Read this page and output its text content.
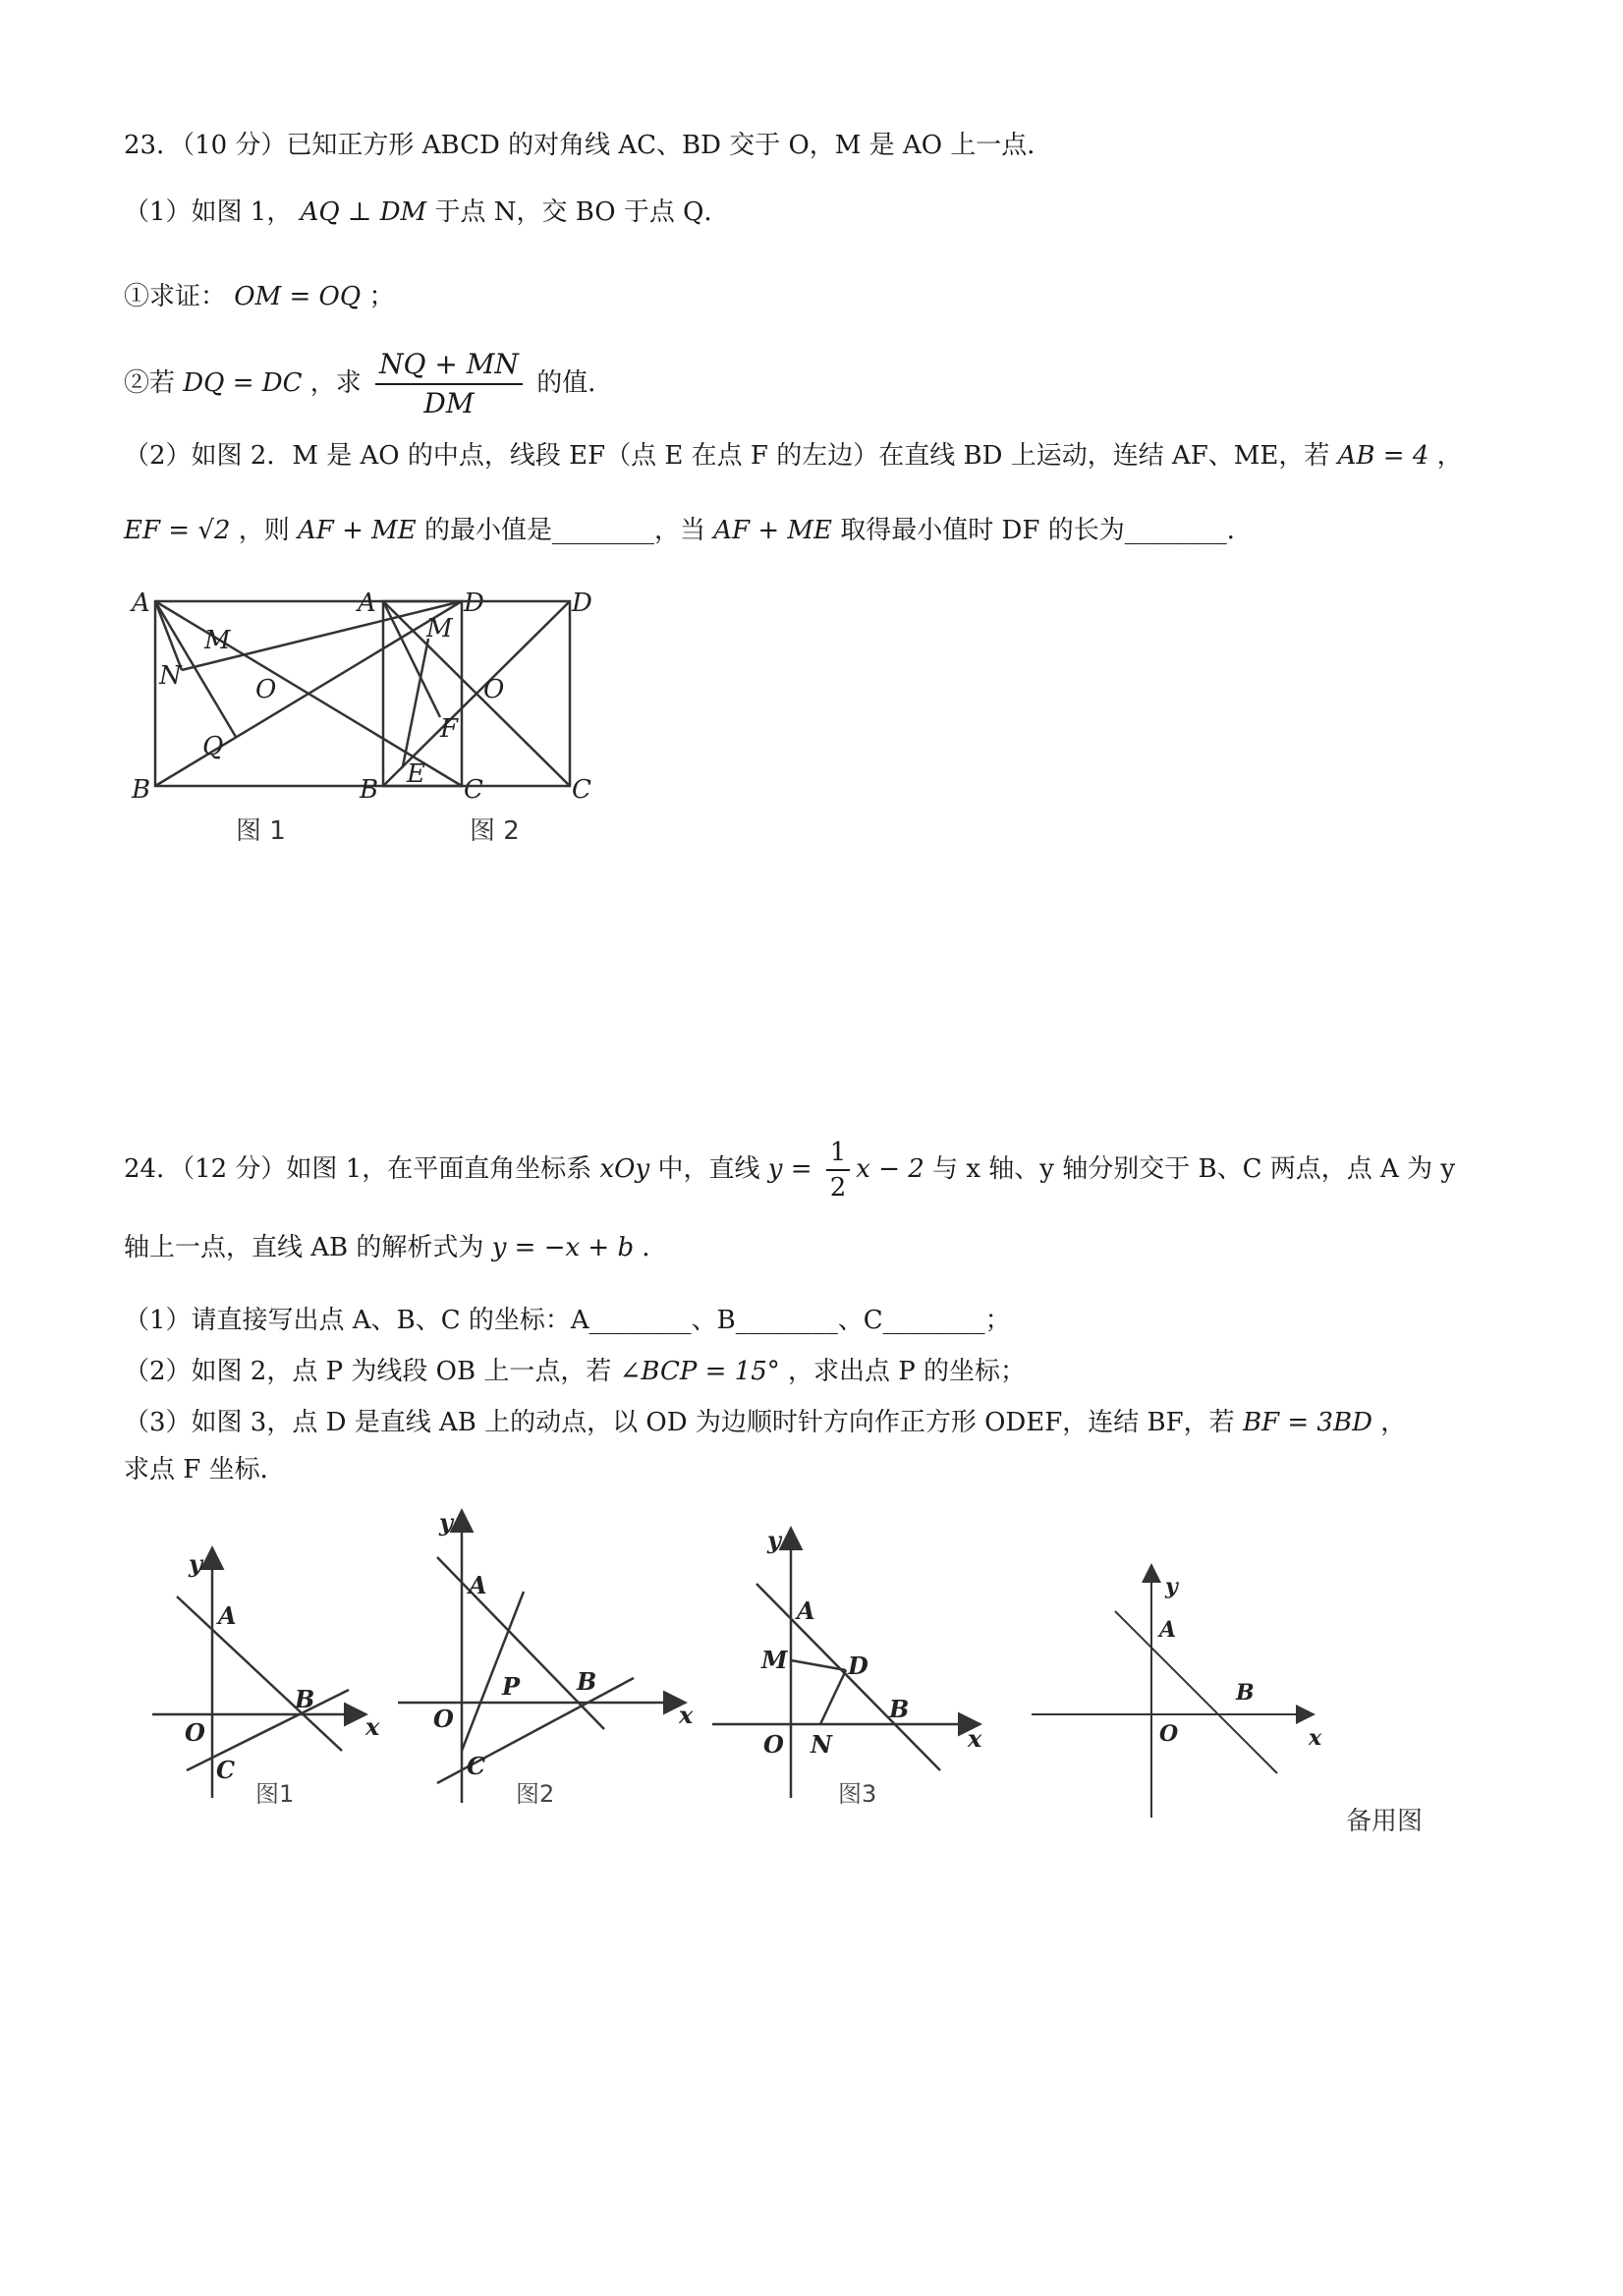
23．（10 分）已知正方形 ABCD 的对角线 AC、BD 交于 O，M 是 AO 上一点．
（1）如图 1， AQ ⊥ DM 于点 N，交 BO 于点 Q．
①求证： OM = OQ ；
②若 DQ = DC ，求 $\frac{NQ + MN}{DM}$ 的值．
（2）如图 2．M 是 AO 的中点，线段 EF（点 E 在点 F 的左边）在直线 BD 上运动，连结 AF、ME，若 AB = 4 ，
EF = √2 ，则 AF + ME 的最小值是________，当 AF + ME 取得最小值时 DF 的长为________．
A	D
M
N	O
Q
B	C
图 1
A	D
M
O
F
E
B	C
图 2
24．（12 分）如图 1，在平面直角坐标系 xOy 中，直线 $y = \frac{1}{2}$ x − 2 与 x 轴、y 轴分别交于 B、C 两点，点 A 为 y
轴上一点，直线 AB 的解析式为 y = −x + b ．
（1）请直接写出点 A、B、C 的坐标：A________、B________、C________；
（2）如图 2，点 P 为线段 OB 上一点，若 ∠BCP = 15° ，求出点 P 的坐标；
（3）如图 3，点 D 是直线 AB 上的动点，以 OD 为边顺时针方向作正方形 ODEF，连结 BF，若 BF = 3BD ，
求点 F 坐标．
y
x
A
B
O
C
图1
y
x
A
B
O
P
C
图2
y
x
A
M	D
B
O N
图3
y
x
A
B
O
备用图
